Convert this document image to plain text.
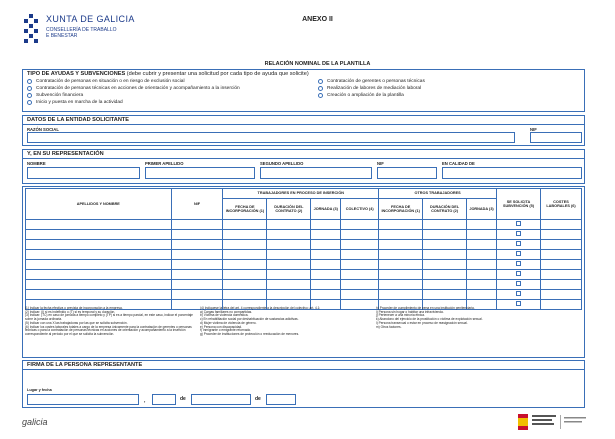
XUNTA DE GALICIA
CONSELLERÍA DE TRABALLO
E BENESTAR
ANEXO II
RELACIÓN NOMINAL DE LA PLANTILLA
TIPO DE AYUDAS Y SUBVENCIONES (debe cubrir y presentar una solicitud por cada tipo de ayuda que solicite)
Contratación de personas en situación o en riesgo de exclusión social
Contratación de personas técnicas en acciones de orientación y acompañamiento a la inserción
Subvención financiera
Inicio y puesta en marcha de la actividad
Contratación de gerentes o personas técnicas
Realización de labores de mediación laboral
Creación o ampliación de la plantilla
DATOS DE LA ENTIDAD SOLICITANTE
RAZÓN SOCIAL	NIF
Y, EN SU REPRESENTACIÓN
NOMBRE	PRIMER APELLIDO	SEGUNDO APELLIDO	NIF	EN CALIDAD DE
APELLIDOS Y NOMBRE	NIF	TRABAJADORES EN PROCESO DE INSERCIÓN				OTROS TRABAJADORES			SE SOLICITA SUBVENCIÓN (5)	COSTES LABORALES (6)
		FECHA DE INCORPORACIÓN (1)	DURACIÓN DEL CONTRATO (2)	JORNADA (3)	COLECTIVO (4)	FECHA DE INCORPORACIÓN (1)	DURACIÓN DEL CONTRATO (2)	JORNADA (3)		

(1) Indicar la fecha efectiva o prevista de incorporación a la empresa.
(2) Indicar: (I) si es indefinido o (T) si es temporal y su duración.
(3) Indicar: (TC) en caso de jornada a tiempo completo y (TP) si es a tiempo parcial, en este caso, indicar el porcentaje sobre la jornada ordinaria.
(5) Indicar con una X las trabajadoras por las que se solicita subvención.
(6) Indicar los costes laborales totales a cargo de la empresa únicamente para la contratación de gerentes o personas técnicas o para la contratación de personas técnicas en acciones de orientación y acompañamiento a la inserción correspondiente al período por el que se solicita la subvención.
(4) Indíquese la letra del art. 4 correspondiente a la descripción del colectivo: art. 4.1:
a) Cargas familiares no compartidas.
b) Víctima de violencia doméstica.
c) En rehabilitación social por deshabituación de sustancias adictivas.
d) Mujer víctima de violencia de género.
e) Persona con discapacidad.
f) Inmigrante o emigrante retornado.
g) Proceder de instituciones de protección o reeducación de menores.
h) Proceder de cumplimiento de pena en una institución penitenciaria.
i) Persona sin hogar o habitar una infravivienda.
j) Pertenecer a una minoría étnica.
k) Abandono del ejercicio de la prostitución o víctima de explotación sexual.
l) Persona transexual o estar en proceso de reasignación sexual.
m) Otros factores.
FIRMA DE LA PERSONA REPRESENTANTE
Lugar y fecha
,	de	de
galicia
